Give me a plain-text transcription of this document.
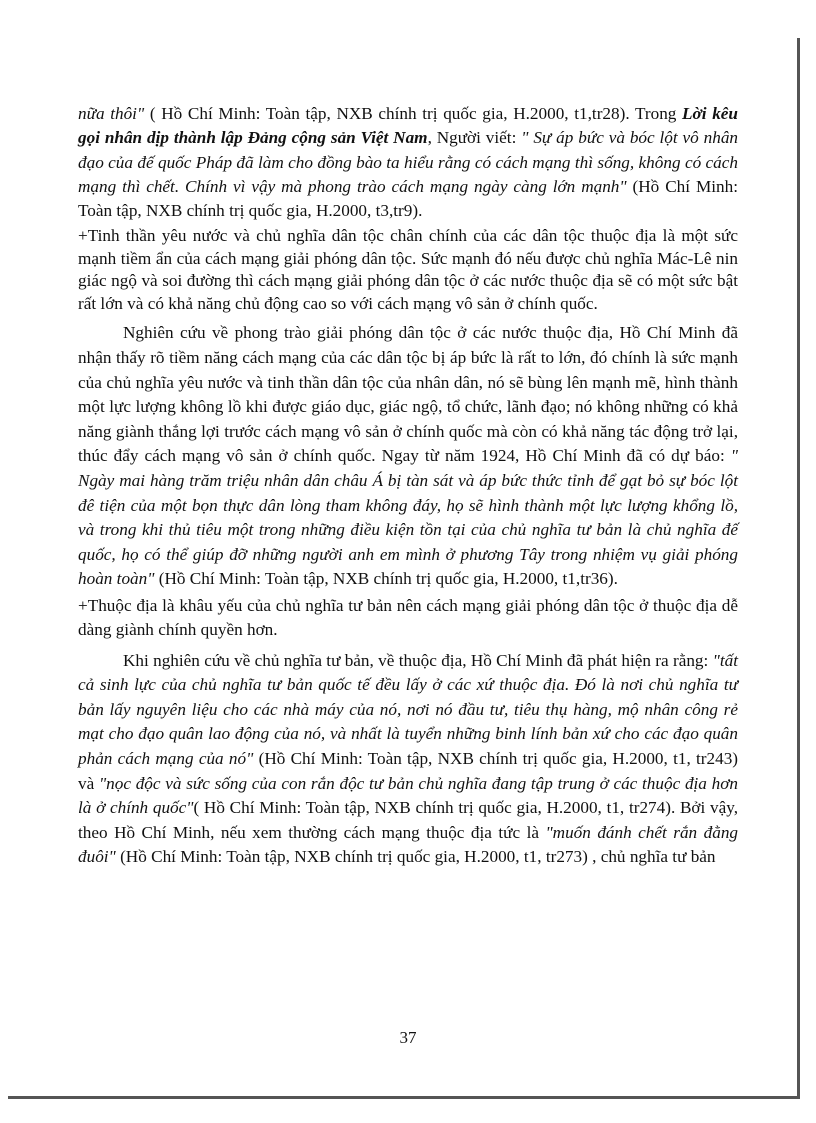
nữa thôi" ( Hồ Chí Minh: Toàn tập, NXB chính trị quốc gia, H.2000, t1,tr28). Trong Lời kêu gọi nhân dịp thành lập Đảng cộng sản Việt Nam, Người viết: " Sự áp bức và bóc lột vô nhân đạo của đế quốc Pháp đã làm cho đồng bào ta hiểu rằng có cách mạng thì sống, không có cách mạng thì chết. Chính vì vậy mà phong trào cách mạng ngày càng lớn mạnh" (Hồ Chí Minh: Toàn tập, NXB chính trị quốc gia, H.2000, t3,tr9).

+Tinh thần yêu nước và chủ nghĩa dân tộc chân chính của các dân tộc thuộc địa là một sức mạnh tiềm ẩn của cách mạng giải phóng dân tộc. Sức mạnh đó nếu được chủ nghĩa Mác-Lê nin giác ngộ và soi đường thì cách mạng giải phóng dân tộc ở các nước thuộc địa sẽ có một sức bật rất lớn và có khả năng chủ động cao so với cách mạng vô sản ở chính quốc.

Nghiên cứu về phong trào giải phóng dân tộc ở các nước thuộc địa, Hồ Chí Minh đã nhận thấy rõ tiềm năng cách mạng của các dân tộc bị áp bức là rất to lớn, đó chính là sức mạnh của chủ nghĩa yêu nước và tinh thần dân tộc của nhân dân, nó sẽ bùng lên mạnh mẽ, hình thành một lực lượng không lồ khi được giáo dục, giác ngộ, tổ chức, lãnh đạo; nó không những có khả năng giành thắng lợi trước cách mạng vô sản ở chính quốc mà còn có khả năng tác động trở lại, thúc đẩy cách mạng vô sản ở chính quốc. Ngay từ năm 1924, Hồ Chí Minh đã có dự báo: " Ngày mai hàng trăm triệu nhân dân châu Á bị tàn sát và áp bức thức tỉnh để gạt bỏ sự bóc lột đê tiện của một bọn thực dân lòng tham không đáy, họ sẽ hình thành một lực lượng khổng lồ, và trong khi thủ tiêu một trong những điều kiện tồn tại của chủ nghĩa tư bản là chủ nghĩa đế quốc, họ có thể giúp đỡ những người anh em mình ở phương Tây trong nhiệm vụ giải phóng hoàn toàn" (Hồ Chí Minh: Toàn tập, NXB chính trị quốc gia, H.2000, t1,tr36).

+Thuộc địa là khâu yếu của chủ nghĩa tư bản nên cách mạng giải phóng dân tộc ở thuộc địa dễ dàng giành chính quyền hơn.

Khi nghiên cứu về chủ nghĩa tư bản, về thuộc địa, Hồ Chí Minh đã phát hiện ra rằng: "tất cả sinh lực của chủ nghĩa tư bản quốc tế đều lấy ở các xứ thuộc địa. Đó là nơi chủ nghĩa tư bản lấy nguyên liệu cho các nhà máy của nó, nơi nó đầu tư, tiêu thụ hàng, mộ nhân công rẻ mạt cho đạo quân lao động của nó, và nhất là tuyển những binh lính bản xứ cho các đạo quân phản cách mạng của nó" (Hồ Chí Minh: Toàn tập, NXB chính trị quốc gia, H.2000, t1, tr243) và "nọc độc và sức sống của con rắn độc tư bản chủ nghĩa đang tập trung ở các thuộc địa hơn là ở chính quốc"( Hồ Chí Minh: Toàn tập, NXB chính trị quốc gia, H.2000, t1, tr274). Bởi vậy, theo Hồ Chí Minh, nếu xem thường cách mạng thuộc địa tức là "muốn đánh chết rắn đằng đuôi" (Hồ Chí Minh: Toàn tập, NXB chính trị quốc gia, H.2000, t1, tr273) , chủ nghĩa tư bản

37
